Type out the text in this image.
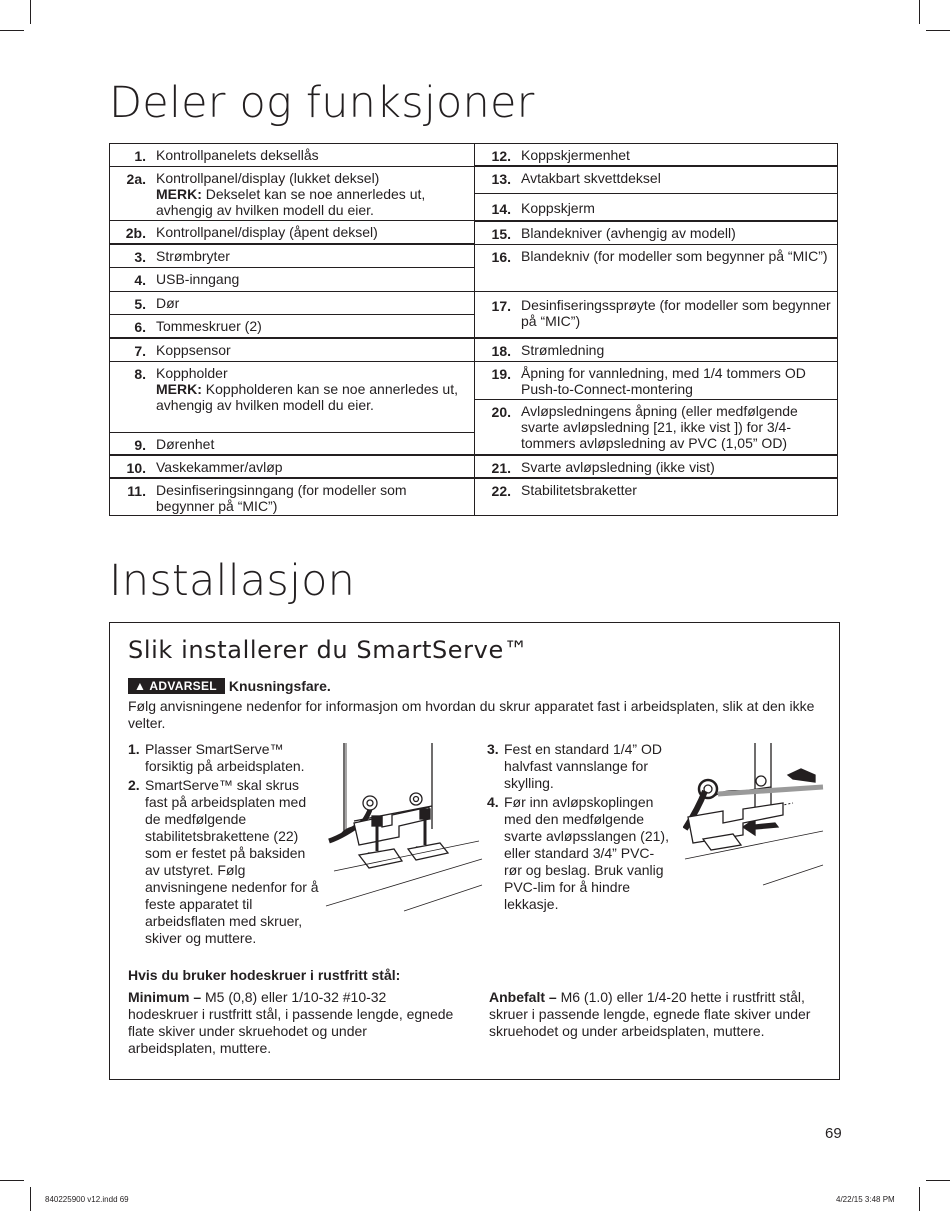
Deler og funksjoner
1. Kontrollpanelets deksellås
2a. Kontrollpanel/display (lukket deksel)
MERK: Dekselet kan se noe annerledes ut, avhengig av hvilken modell du eier.
2b. Kontrollpanel/display (åpent deksel)
3. Strømbryter
4. USB-inngang
5. Dør
6. Tommeskruer (2)
7. Koppsensor
8. Koppholder
MERK: Koppholderen kan se noe annerledes ut, avhengig av hvilken modell du eier.
9. Dørenhet
10. Vaskekammer/avløp
11. Desinfiseringsinngang (for modeller som begynner på “MIC”)
12. Koppskjermenhet
13. Avtakbart skvettdeksel
14. Koppskjerm
15. Blandekniver (avhengig av modell)
16. Blandekniv (for modeller som begynner på “MIC”)
17. Desinfiseringssprøyte (for modeller som begynner på “MIC”)
18. Strømledning
19. Åpning for vannledning, med 1/4 tommers OD Push-to-Connect-montering
20. Avløpsledningens åpning (eller medfølgende svarte avløpsledning [21, ikke vist ]) for 3/4-tommers avløpsledning av PVC (1,05” OD)
21. Svarte avløpsledning (ikke vist)
22. Stabilitetsbraketter
Installasjon
Slik installerer du SmartServe™
▲ ADVARSEL Knusningsfare.
Følg anvisningene nedenfor for informasjon om hvordan du skrur apparatet fast i arbeidsplaten, slik at den ikke velter.
1. Plasser SmartServe™ forsiktig på arbeidsplaten.
2. SmartServe™ skal skrus fast på arbeidsplaten med de medfølgende stabilitetsbrakettene (22) som er festet på baksiden av utstyret. Følg anvisningene nedenfor for å feste apparatet til arbeidsflaten med skruer, skiver og muttere.
3. Fest en standard 1/4” OD halvfast vannslange for skylling.
4. Før inn avløpskoplingen med den medfølgende svarte avløpsslangen (21), eller standard 3/4” PVC-rør og beslag. Bruk vanlig PVC-lim for å hindre lekkasje.
Hvis du bruker hodeskruer i rustfritt stål:
Minimum – M5 (0,8) eller 1/10-32 #10-32 hodeskruer i rustfritt stål, i passende lengde, egnede flate skiver under skruehodet og under arbeidsplaten, muttere.
Anbefalt – M6 (1.0) eller 1/4-20 hette i rustfritt stål, skruer i passende lengde, egnede flate skiver under skruehodet og under arbeidsplaten, muttere.
69
840225900 v12.indd 69	4/22/15 3:48 PM
